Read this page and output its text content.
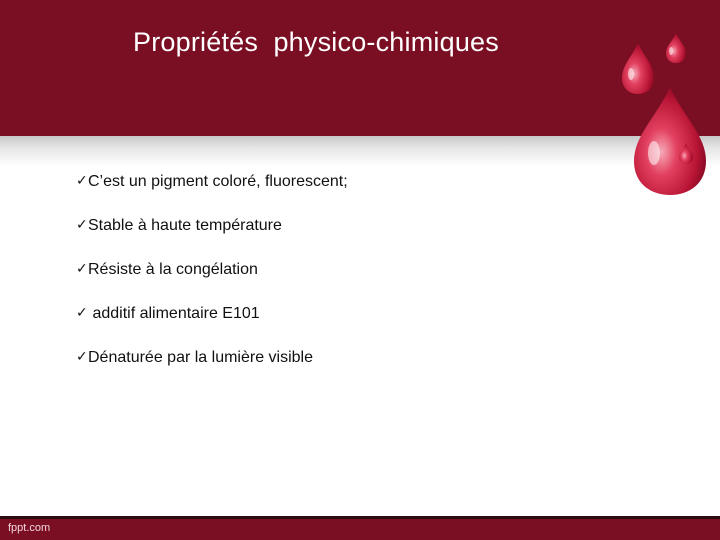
Propriétés  physico-chimiques
✓ C’est un pigment coloré, fluorescent;
✓ Stable à haute température
✓ Résiste à la congélation
✓ additif alimentaire E101
✓ Dénaturée par la lumière visible
fppt.com
